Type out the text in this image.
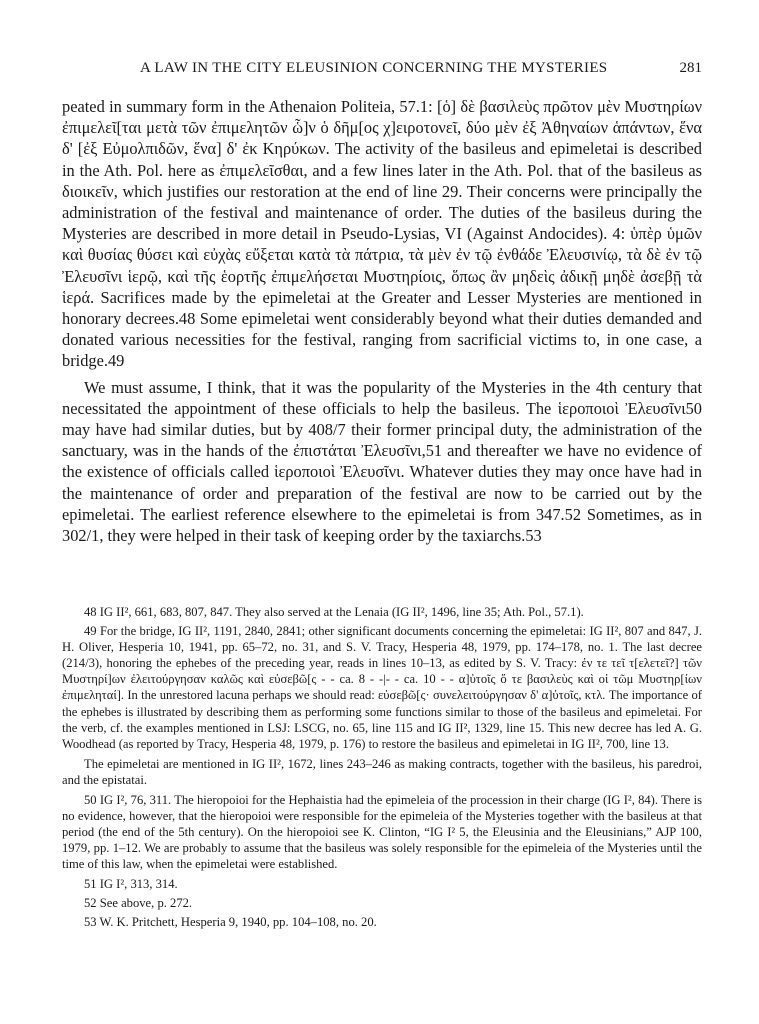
A LAW IN THE CITY ELEUSINION CONCERNING THE MYSTERIES	281

peated in summary form in the Athenaion Politeia, 57.1: [ὁ] δὲ βασιλεὺς πρῶτον μὲν Μυστηρίων ἐπιμελεῖ[ται μετὰ τῶν ἐπιμελητῶν ὧ]ν ὁ δῆμ[ος χ]ειροτονεῖ, δύο μὲν ἐξ Ἀθηναίων ἁπάντων, ἕνα δ' [ἐξ Εὐμολπιδῶν, ἕνα] δ' ἐκ Κηρύκων. The activity of the basileus and epimeletai is described in the Ath. Pol. here as ἐπιμελεῖσθαι, and a few lines later in the Ath. Pol. that of the basileus as διοικεῖν, which justifies our restoration at the end of line 29. Their concerns were principally the administration of the festival and maintenance of order. The duties of the basileus during the Mysteries are described in more detail in Pseudo-Lysias, VI (Against Andocides). 4: ὑπὲρ ὑμῶν καὶ θυσίας θύσει καὶ εὐχὰς εὔξεται κατὰ τὰ πάτρια, τὰ μὲν ἐν τῷ ἐνθάδε Ἐλευσινίῳ, τὰ δὲ ἐν τῷ Ἐλευσῖνι ἱερῷ, καὶ τῆς ἑορτῆς ἐπιμελήσεται Μυστηρίοις, ὅπως ἂν μηδεὶς ἀδικῇ μηδὲ ἀσεβῇ τὰ ἱερά. Sacrifices made by the epimeletai at the Greater and Lesser Mysteries are mentioned in honorary decrees.48 Some epimeletai went considerably beyond what their duties demanded and donated various necessities for the festival, ranging from sacrificial victims to, in one case, a bridge.49

We must assume, I think, that it was the popularity of the Mysteries in the 4th century that necessitated the appointment of these officials to help the basileus. The ἱεροποιοὶ Ἐλευσῖνι50 may have had similar duties, but by 408/7 their former principal duty, the administration of the sanctuary, was in the hands of the ἐπιστάται Ἐλευσῖνι,51 and thereafter we have no evidence of the existence of officials called ἱεροποιοὶ Ἐλευσῖνι. Whatever duties they may once have had in the maintenance of order and preparation of the festival are now to be carried out by the epimeletai. The earliest reference elsewhere to the epimeletai is from 347.52 Sometimes, as in 302/1, they were helped in their task of keeping order by the taxiarchs.53

48 IG II², 661, 683, 807, 847. They also served at the Lenaia (IG II², 1496, line 35; Ath. Pol., 57.1).

49 For the bridge, IG II², 1191, 2840, 2841; other significant documents concerning the epimeletai: IG II², 807 and 847, J. H. Oliver, Hesperia 10, 1941, pp. 65–72, no. 31, and S. V. Tracy, Hesperia 48, 1979, pp. 174–178, no. 1. The last decree (214/3), honoring the ephebes of the preceding year, reads in lines 10–13, as edited by S. V. Tracy: ἐν τε τεῖ τ[ελετεῖ?] τῶν Μυστηρί]ων ἐλειτούργησαν καλῶς καὶ εὐσεβῶ[ς - - ca. 8 - -|- - ca. 10 - - α]ὐτοῖς ὅ τε βασιλεὺς καὶ οἱ τῶμ Μυστηρ[ίων ἐπιμεληταί]. In the unrestored lacuna perhaps we should read: εὐσεβῶ[ς· συνελειτούργησαν δ' α]ὐτοῖς, κτλ. The importance of the ephebes is illustrated by describing them as performing some functions similar to those of the basileus and epimeletai. For the verb, cf. the examples mentioned in LSJ: LSCG, no. 65, line 115 and IG II², 1329, line 15. This new decree has led A. G. Woodhead (as reported by Tracy, Hesperia 48, 1979, p. 176) to restore the basileus and epimeletai in IG II², 700, line 13.

The epimeletai are mentioned in IG II², 1672, lines 243–246 as making contracts, together with the basileus, his paredroi, and the epistatai.

50 IG I², 76, 311. The hieropoioi for the Hephaistia had the epimeleia of the procession in their charge (IG I², 84). There is no evidence, however, that the hieropoioi were responsible for the epimeleia of the Mysteries together with the basileus at that period (the end of the 5th century). On the hieropoioi see K. Clinton, “IG I² 5, the Eleusinia and the Eleusinians,” AJP 100, 1979, pp. 1–12. We are probably to assume that the basileus was solely responsible for the epimeleia of the Mysteries until the time of this law, when the epimeletai were established.

51 IG I², 313, 314.

52 See above, p. 272.

53 W. K. Pritchett, Hesperia 9, 1940, pp. 104–108, no. 20.
